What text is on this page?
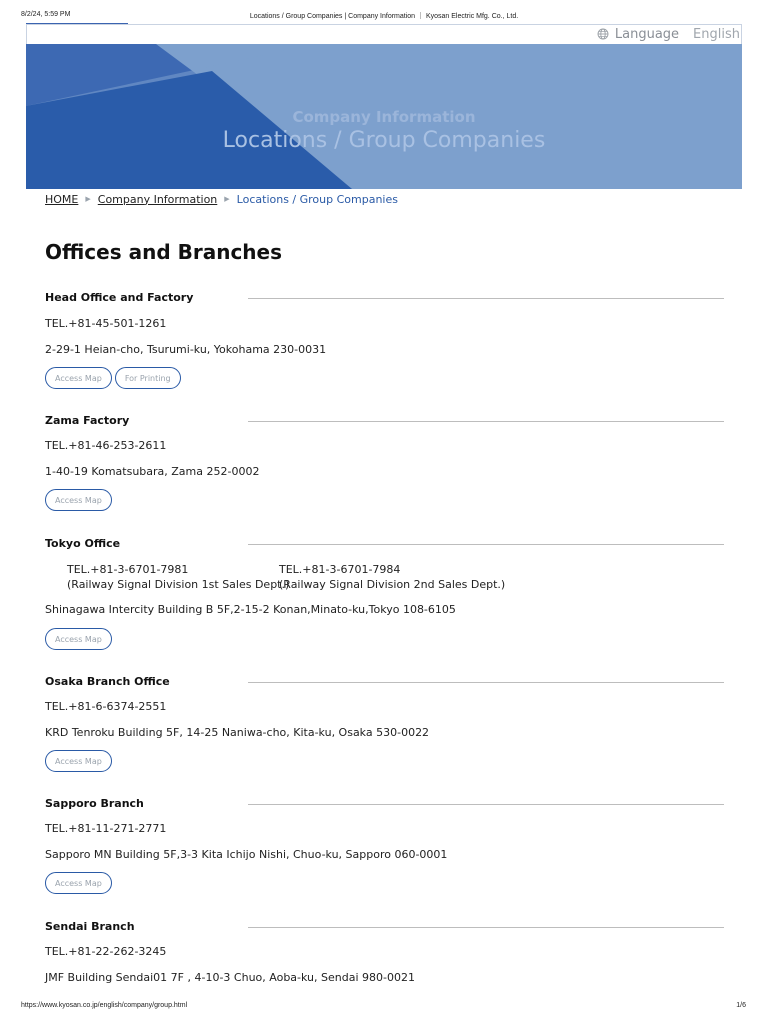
8/2/24, 5:59 PM	Locations / Group Companies | Company Information ｜ Kyosan Electric Mfg. Co., Ltd.
Language English
Company Information
Locations / Group Companies
HOME ▶ Company Information ▶ Locations / Group Companies
Offices and Branches
Head Office and Factory
TEL.+81-45-501-1261
2-29-1 Heian-cho, Tsurumi-ku, Yokohama 230-0031
Access Map	For Printing
Zama Factory
TEL.+81-46-253-2611
1-40-19 Komatsubara, Zama 252-0002
Access Map
Tokyo Office
TEL.+81-3-6701-7981
(Railway Signal Division 1st Sales Dept.)
TEL.+81-3-6701-7984
(Railway Signal Division 2nd Sales Dept.)
Shinagawa Intercity Building B 5F,2-15-2 Konan,Minato-ku,Tokyo 108-6105
Access Map
Osaka Branch Office
TEL.+81-6-6374-2551
KRD Tenroku Building 5F, 14-25 Naniwa-cho, Kita-ku, Osaka 530-0022
Access Map
Sapporo Branch
TEL.+81-11-271-2771
Sapporo MN Building 5F,3-3 Kita Ichijo Nishi, Chuo-ku, Sapporo 060-0001
Access Map
Sendai Branch
TEL.+81-22-262-3245
JMF Building Sendai01 7F , 4-10-3 Chuo, Aoba-ku, Sendai 980-0021
https://www.kyosan.co.jp/english/company/group.html	1/6
